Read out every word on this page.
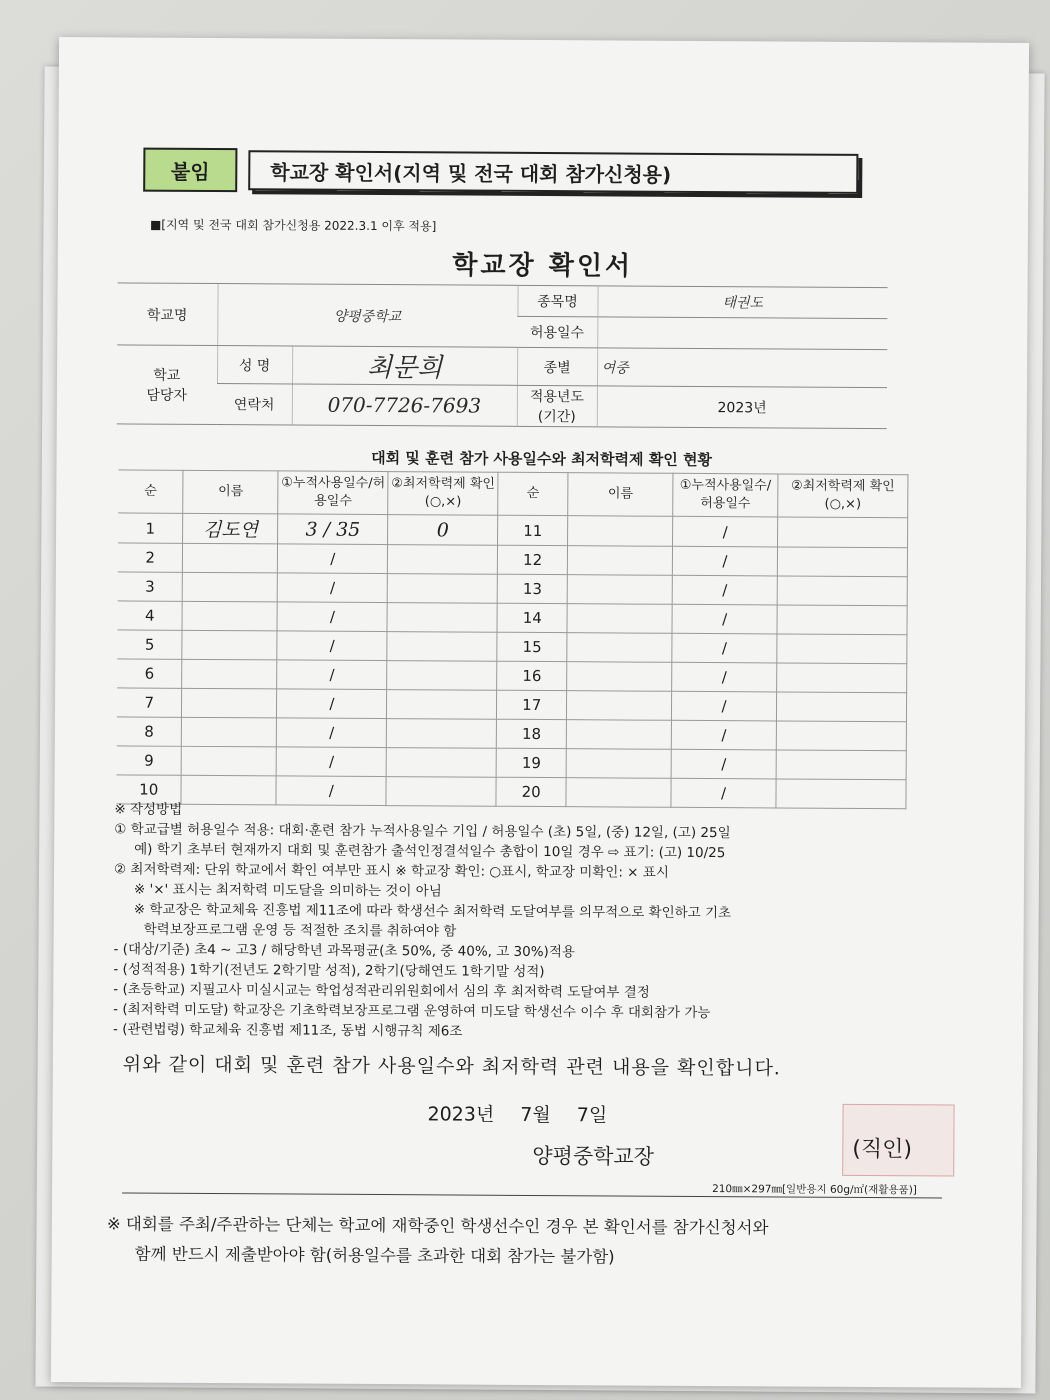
붙임	학교장 확인서(지역 및 전국 대회 참가신청용)
■[지역 및 전국 대회 참가신청용 2022.3.1 이후 적용]
학교장 확인서
학교명	양평중학교		종목명	태권도
			허용일수	
학교
담당자	성 명	최문희	종별	여중
	연락처	070-7726-7693	적용년도
(기간)	2023년
대회 및 훈련 참가 사용일수와 최저학력제 확인 현황
순	이름	①누적사용일수/허용일수	②최저학력제 확인(○,×)	순	이름	①누적사용일수/허용일수	②최저학력제 확인(○,×)
1	김도연	3 / 35	0	11		/	
2		/		12		/	
3		/		13		/	
4		/		14		/	
5		/		15		/	
6		/		16		/	
7		/		17		/	
8		/		18		/	
9		/		19		/	
10		/		20		/	

※ 작성방법

① 학교급별 허용일수 적용: 대회·훈련 참가 누적사용일수 기입 / 허용일수 (초) 5일, (중) 12일, (고) 25일

예) 학기 초부터 현재까지 대회 및 훈련참가 출석인정결석일수 총합이 10일 경우 ⇨ 표기: (고) 10/25

② 최저학력제: 단위 학교에서 확인 여부만 표시 ※ 학교장 확인: ○표시, 학교장 미확인: × 표시

※ '×' 표시는 최저학력 미도달을 의미하는 것이 아님

※ 학교장은 학교체육 진흥법 제11조에 따라 학생선수 최저학력 도달여부를 의무적으로 확인하고 기초

학력보장프로그램 운영 등 적절한 조치를 취하여야 함

- (대상/기준) 초4 ~ 고3 / 해당학년 과목평균(초 50%, 중 40%, 고 30%)적용

- (성적적용) 1학기(전년도 2학기말 성적), 2학기(당해연도 1학기말 성적)

- (초등학교) 지필고사 미실시교는 학업성적관리위원회에서 심의 후 최저학력 도달여부 결정

- (최저학력 미도달) 학교장은 기초학력보장프로그램 운영하여 미도달 학생선수 이수 후 대회참가 가능

- (관련법령) 학교체육 진흥법 제11조, 동법 시행규칙 제6조

위와 같이 대회 및 훈련 참가 사용일수와 최저학력 관련 내용을 확인합니다.
2023년 7월 7일
양평중학교장	(직인)
210㎜×297㎜[일반용지 60g/㎡(재활용품)]

※ 대회를 주최/주관하는 단체는 학교에 재학중인 학생선수인 경우 본 확인서를 참가신청서와

함께 반드시 제출받아야 함(허용일수를 초과한 대회 참가는 불가함)
